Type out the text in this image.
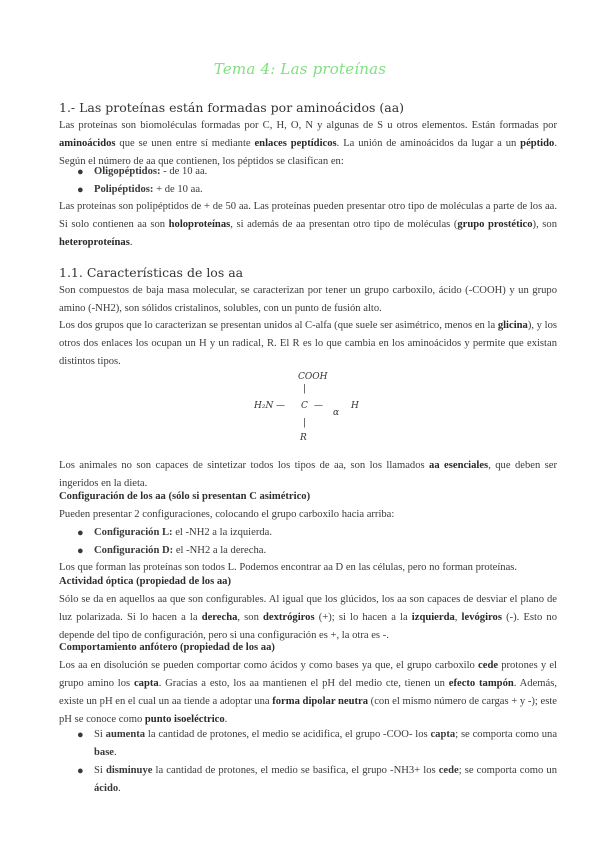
Tema 4: Las proteínas
1.- Las proteínas están formadas por aminoácidos (aa)
Las proteínas son biomoléculas formadas por C, H, O, N y algunas de S u otros elementos. Están formadas por aminoácidos que se unen entre sí mediante enlaces peptídicos. La unión de aminoácidos da lugar a un péptido. Según el número de aa que contienen, los péptidos se clasifican en:
● Oligopéptidos: - de 10 aa.
● Polipéptidos: + de 10 aa.
Las proteínas son polipéptidos de + de 50 aa. Las proteínas pueden presentar otro tipo de moléculas a parte de los aa. Si solo contienen aa son holoproteínas, si además de aa presentan otro tipo de moléculas (grupo prostético), son heteroproteínas.
1.1. Características de los aa
Son compuestos de baja masa molecular, se caracterizan por tener un grupo carboxilo, ácido (-COOH) y un grupo amino (-NH2), son sólidos cristalinos, solubles, con un punto de fusión alto.
Los dos grupos que lo caracterizan se presentan unidos al C-alfa (que suele ser asimétrico, menos en la glicina), y los otros dos enlaces los ocupan un H y un radical, R. El R es lo que cambia en los aminoácidos y permite que existan distintos tipos.
COOH
|
H₂N — C —
α
H
|
R
Los animales no son capaces de sintetizar todos los tipos de aa, son los llamados aa esenciales, que deben ser ingeridos en la dieta.
Configuración de los aa (sólo si presentan C asimétrico)
Pueden presentar 2 configuraciones, colocando el grupo carboxilo hacia arriba:
● Configuración L: el -NH2 a la izquierda.
● Configuración D: el -NH2 a la derecha.
Los que forman las proteínas son todos L. Podemos encontrar aa D en las células, pero no forman proteínas.
Actividad óptica (propiedad de los aa)
Sólo se da en aquellos aa que son configurables. Al igual que los glúcidos, los aa son capaces de desviar el plano de luz polarizada. Si lo hacen a la derecha, son dextrógiros (+); si lo hacen a la izquierda, levógiros (-). Esto no depende del tipo de configuración, pero si una configuración es +, la otra es -.
Comportamiento anfótero (propiedad de los aa)
Los aa en disolución se pueden comportar como ácidos y como bases ya que, el grupo carboxilo cede protones y el grupo amino los capta. Gracias a esto, los aa mantienen el pH del medio cte, tienen un efecto tampón. Además, existe un pH en el cual un aa tiende a adoptar una forma dipolar neutra (con el mismo número de cargas + y -); este pH se conoce como punto isoeléctrico.
● Si aumenta la cantidad de protones, el medio se acidifica, el grupo -COO- los capta; se comporta como una base.
● Si disminuye la cantidad de protones, el medio se basifica, el grupo -NH3+ los cede; se comporta como un ácido.
